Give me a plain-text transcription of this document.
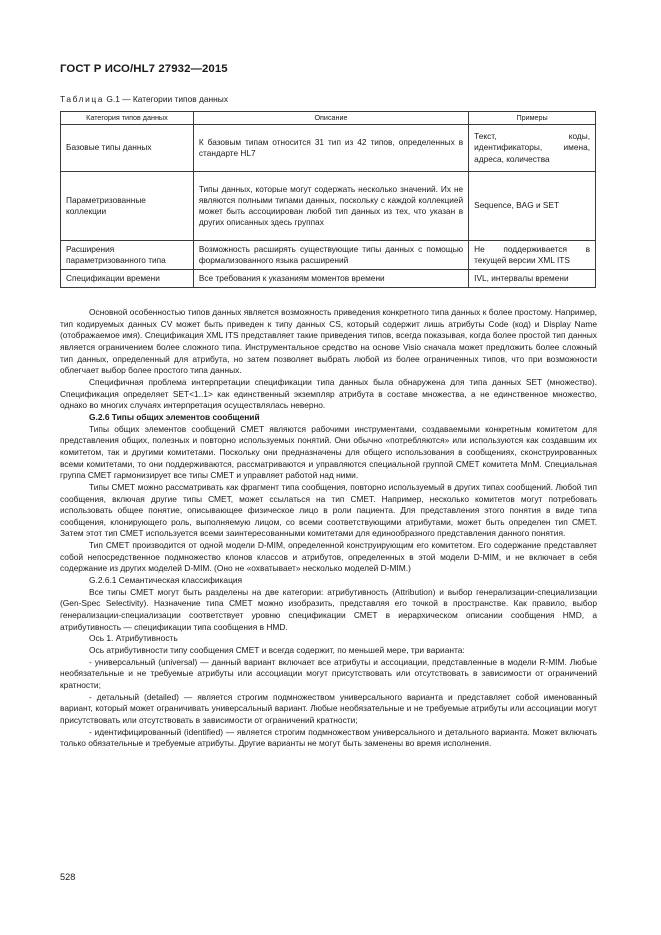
ГОСТ Р ИСО/HL7 27932—2015
Таблица G.1 — Категории типов данных
Категория типов данных	Описание	Примеры
Базовые типы данных	К базовым типам относится 31 тип из 42 типов, определенных в стандарте HL7	Текст, коды, идентификаторы, имена, адреса, количества
Параметризованные коллекции	Типы данных, которые могут содержать несколько значений. Их не являются полными типами данных, поскольку с каждой коллекцией может быть ассоциирован любой тип данных из тех, что указан в других описанных здесь группах	Sequence, BAG и SET
Расширения параметризованного типа	Возможность расширять существующие типы данных с помощью формализованного языка расширений	Не поддерживается в текущей версии XML ITS
Спецификации времени	Все требования к указаниям моментов времени	IVL, интервалы времени

Основной особенностью типов данных является возможность приведения конкретного типа данных к более простому. Например, тип кодируемых данных CV может быть приведен к типу данных CS, который содержит лишь атрибуты Code (код) и Display Name (отображаемое имя). Спецификация XML ITS представляет такие приведения типов, всегда показывая, когда более простой тип данных является ограничением более сложного типа. Инструментальное средство на основе Visio сначала может предложить более сложный тип данных, определенный для атрибута, но затем позволяет выбрать любой из более ограниченных типов, что при возможности облегчает выбор более простого типа данных.

Специфичная проблема интерпретации спецификации типа данных была обнаружена для типа данных SET (множество). Спецификация определяет SET<1..1> как единственный экземпляр атрибута в составе множества, а не единственное множество, однако во многих случаях интерпретация осуществлялась неверно.

G.2.6 Типы общих элементов сообщений

Типы общих элементов сообщений СМЕТ являются рабочими инструментами, создаваемыми конкретным комитетом для представления общих, полезных и повторно используемых понятий. Они обычно «потребляются» или используются как создавшим их комитетом, так и другими комитетами. Поскольку они предназначены для общего использования в сообщениях, сконструированных всеми комитетами, то они поддерживаются, рассматриваются и управляются специальной группой СМЕТ комитета MnM. Специальная группа СМЕТ гармонизирует все типы СМЕТ и управляет работой над ними.

Типы СМЕТ можно рассматривать как фрагмент типа сообщения, повторно используемый в других типах сообщений. Любой тип сообщения, включая другие типы СМЕТ, может ссылаться на тип СМЕТ. Например, несколько комитетов могут потребовать использовать общее понятие, описывающее физическое лицо в роли пациента. Для представления этого понятия в виде типа сообщения, клонирующего роль, выполняемую лицом, со всеми соответствующими атрибутами, может быть определен тип СМЕТ. Затем этот тип СМЕТ используется всеми заинтересованными комитетами для единообразного представления данного понятия.

Тип СМЕТ производится от одной модели D-MIM, определенной конструирующим его комитетом. Его содержание представляет собой непосредственное подмножество клонов классов и атрибутов, определенных в этой модели D-MIM, и не включает в себя содержание из других моделей D-MIM. (Оно не «охватывает» несколько моделей D-MIM.)

G.2.6.1 Семантическая классификация

Все типы СМЕТ могут быть разделены на две категории: атрибутивность (Attribution) и выбор генерализации-специализации (Gen-Spec Selectivity). Назначение типа СМЕТ можно изобразить, представляя его точкой в пространстве. Как правило, выбор генерализации-специализации соответствует уровню спецификации СМЕТ в иерархическом описании сообщения HMD, а атрибутивность — спецификации типа сообщения в HMD.

Ось 1. Атрибутивность

Ось атрибутивности типу сообщения СМЕТ и всегда содержит, по меньшей мере, три варианта:

- универсальный (universal) — данный вариант включает все атрибуты и ассоциации, представленные в модели R-MIM. Любые необязательные и не требуемые атрибуты или ассоциации могут присутствовать или отсутствовать в зависимости от ограничений кратности;

- детальный (detailed) — является строгим подмножеством универсального варианта и представляет собой именованный вариант, который может ограничивать универсальный вариант. Любые необязательные и не требуемые атрибуты или ассоциации могут присутствовать или отсутствовать в зависимости от ограничений кратности;

- идентифицированный (identified) — является строгим подмножеством универсального и детального варианта. Может включать только обязательные и требуемые атрибуты. Другие варианты не могут быть заменены во время исполнения.

528
